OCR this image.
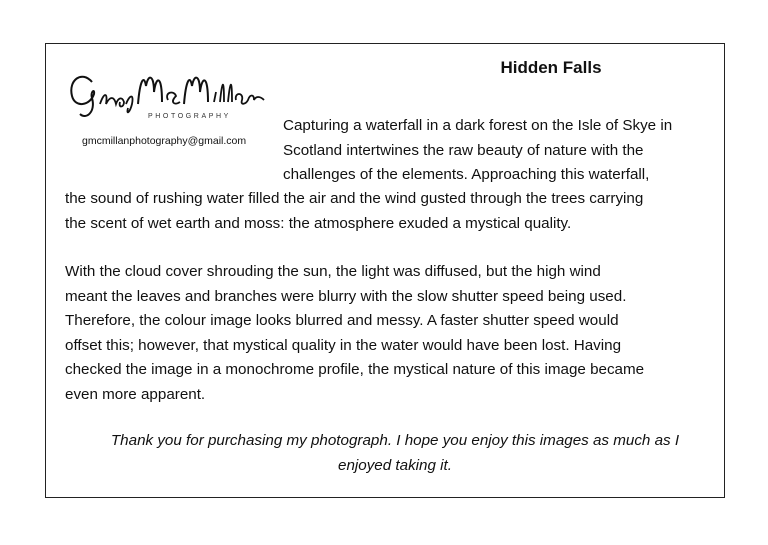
Hidden Falls
PHOTOGRAPHY
gmcmillanphotography@gmail.com
Capturing a waterfall in a dark forest on the Isle of Skye in
Scotland intertwines the raw beauty of nature with the
challenges of the elements. Approaching this waterfall,
the sound of rushing water filled the air and the wind gusted through the trees carrying
the scent of wet earth and moss: the atmosphere exuded a mystical quality.
With the cloud cover shrouding the sun, the light was diffused, but the high wind
meant the leaves and branches were blurry with the slow shutter speed being used.
Therefore, the colour image looks blurred and messy. A faster shutter speed would
offset this; however, that mystical quality in the water would have been lost. Having
checked the image in a monochrome profile, the mystical nature of this image became
even more apparent.
Thank you for purchasing my photograph. I hope you enjoy this images as much as I
enjoyed taking it.
